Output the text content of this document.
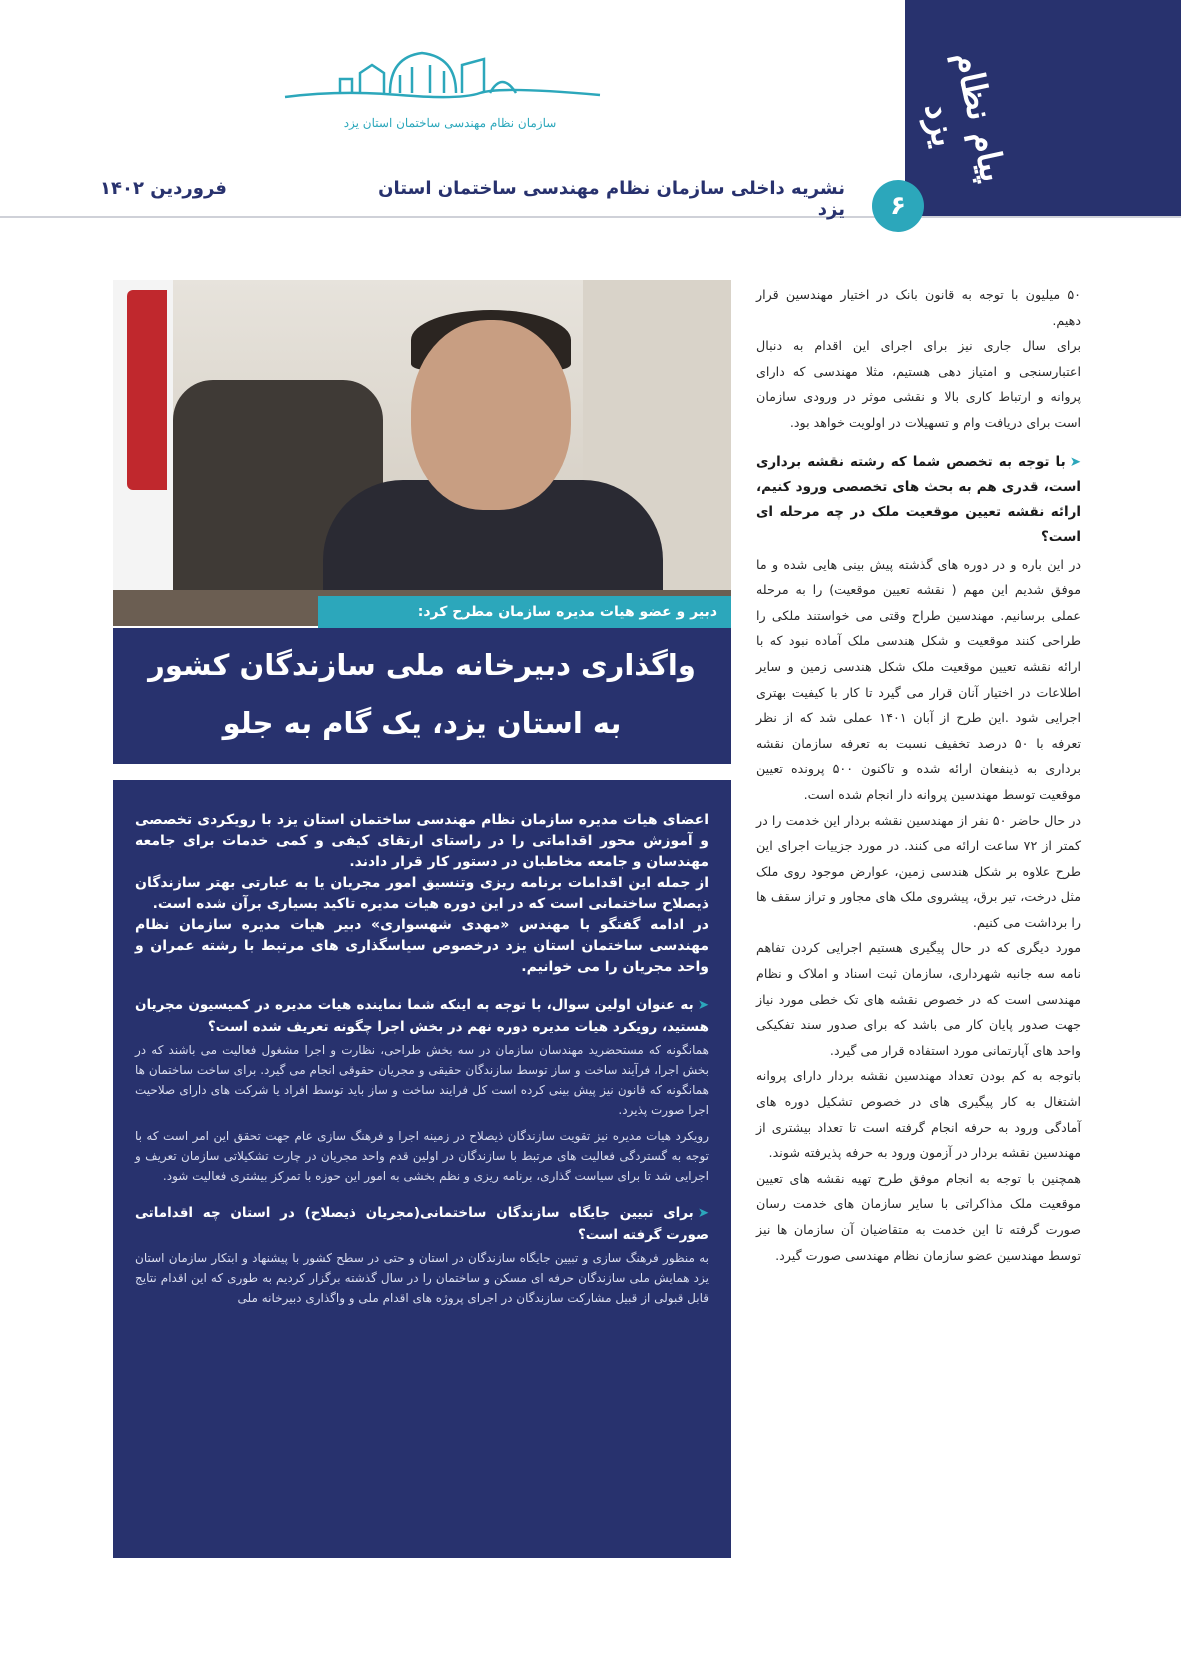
سازمان نظام مهندسی ساختمان استان یزد	پیام نظام یزد
۶
نشریه داخلی سازمان نظام مهندسی ساختمان استان یزد
فروردین ۱۴۰۲
دبیر و عضو هیات مدیره سازمان مطرح کرد:
واگذاری دبیرخانه ملی سازندگان کشور به استان یزد، یک گام به جلو

اعضای هیات مدیره سازمان نظام مهندسی ساختمان استان یزد با رویکردی تخصصی و آموزش محور اقداماتی را در راستای ارتقای کیفی و کمی خدمات برای جامعه مهندسان و جامعه مخاطبان در دستور کار قرار دادند.

از جمله این اقدامات برنامه ریزی وتنسیق امور مجریان یا به عبارتی بهتر سازندگان ذیصلاح ساختمانی است که در این دوره هیات مدیره تاکید بسیاری برآن شده است.

در ادامه گفتگو با مهندس «مهدی شهسواری» دبیر هیات مدیره سازمان نظام مهندسی ساختمان استان یزد درخصوص سیاسگذاری های مرتبط با رشته عمران و واحد مجریان را می خوانیم.

➤به عنوان اولین سوال، با توجه به اینکه شما نماینده هیات مدیره در کمیسیون مجریان هستید، رویکرد هیات مدیره دوره نهم در بخش اجرا چگونه تعریف شده است؟

همانگونه که مستحضرید مهندسان سازمان در سه بخش طراحی، نظارت و اجرا مشغول فعالیت می باشند که در بخش اجرا، فرآیند ساخت و ساز توسط سازندگان حقیقی و مجریان حقوقی انجام می گیرد. برای ساخت ساختمان ها همانگونه که قانون نیز پیش بینی کرده است کل فرایند ساخت و ساز باید توسط افراد یا شرکت های دارای صلاحیت اجرا صورت پذیرد.

رویکرد هیات مدیره نیز تقویت سازندگان ذیصلاح در زمینه اجرا و فرهنگ سازی عام جهت تحقق این امر است که با توجه به گستردگی فعالیت های مرتبط با سازندگان در اولین قدم واحد مجریان در چارت تشکیلاتی سازمان تعریف و اجرایی شد تا برای سیاست گذاری، برنامه ریزی و نظم بخشی به امور این حوزه با تمرکز بیشتری فعالیت شود.

➤برای تبیین جایگاه سازندگان ساختمانی(مجریان ذیصلاح) در استان چه اقداماتی صورت گرفته است؟

به منظور فرهنگ سازی و تبیین جایگاه سازندگان در استان و حتی در سطح کشور با پیشنهاد و ابتکار سازمان استان یزد همایش ملی سازندگان حرفه ای مسکن و ساختمان را در سال گذشته برگزار کردیم به طوری که این اقدام نتایج قابل قبولی از قبیل مشارکت سازندگان در اجرای پروژه های اقدام ملی و واگذاری دبیرخانه ملی

۵۰ میلیون با توجه به قانون بانک در اختیار مهندسین قرار دهیم.

برای سال جاری نیز برای اجرای این اقدام به دنبال اعتبارسنجی و امتیاز دهی هستیم، مثلا مهندسی که دارای پروانه و ارتباط کاری بالا و نقشی موثر در ورودی سازمان است برای دریافت وام و تسهیلات در اولویت خواهد بود.

➤با توجه به تخصص شما که رشته نقشه برداری است، قدری هم به بحث های تخصصی ورود کنیم، ارائه نقشه تعیین موقعیت ملک در چه مرحله ای است؟

در این باره و در دوره های گذشته پیش بینی هایی شده و ما موفق شدیم این مهم ( نقشه تعیین موقعیت) را به مرحله عملی برسانیم. مهندسین طراح وقتی می خواستند ملکی را طراحی کنند موقعیت و شکل هندسی ملک آماده نبود که با ارائه نقشه تعیین موقعیت ملک شکل هندسی زمین و سایر اطلاعات در اختیار آنان قرار می گیرد تا کار با کیفیت بهتری اجرایی شود .این طرح از آبان ۱۴۰۱ عملی شد که از نظر تعرفه با ۵۰ درصد تخفیف نسبت به تعرفه سازمان نقشه برداری به ذینفعان ارائه شده و تاکنون ۵۰۰ پرونده تعیین موقعیت توسط مهندسین پروانه دار انجام شده است.

در حال حاضر ۵۰ نفر از مهندسین نقشه بردار این خدمت را در کمتر از ۷۲ ساعت ارائه می کنند. در مورد جزییات اجرای این طرح علاوه بر شکل هندسی زمین، عوارض موجود روی ملک مثل درخت، تیر برق، پیشروی ملک های مجاور و تراز سقف ها را برداشت می کنیم.

مورد دیگری که در حال پیگیری هستیم اجرایی کردن تفاهم نامه سه جانبه شهرداری، سازمان ثبت اسناد و املاک و نظام مهندسی است که در خصوص نقشه های تک خطی مورد نیاز جهت صدور پایان کار می باشد که برای صدور سند تفکیکی واحد های آپارتمانی مورد استفاده قرار می گیرد.

باتوجه به کم بودن تعداد مهندسین نقشه بردار دارای پروانه اشتغال به کار پیگیری های در خصوص تشکیل دوره های آمادگی ورود به حرفه انجام گرفته است تا تعداد بیشتری از مهندسین نقشه بردار در آزمون ورود به حرفه پذیرفته شوند.

همچنین با توجه به انجام موفق طرح تهیه نقشه های تعیین موقعیت ملک مذاکراتی با سایر سازمان های خدمت رسان صورت گرفته تا این خدمت به متقاضیان آن سازمان ها نیز توسط مهندسین عضو سازمان نظام مهندسی صورت گیرد.
